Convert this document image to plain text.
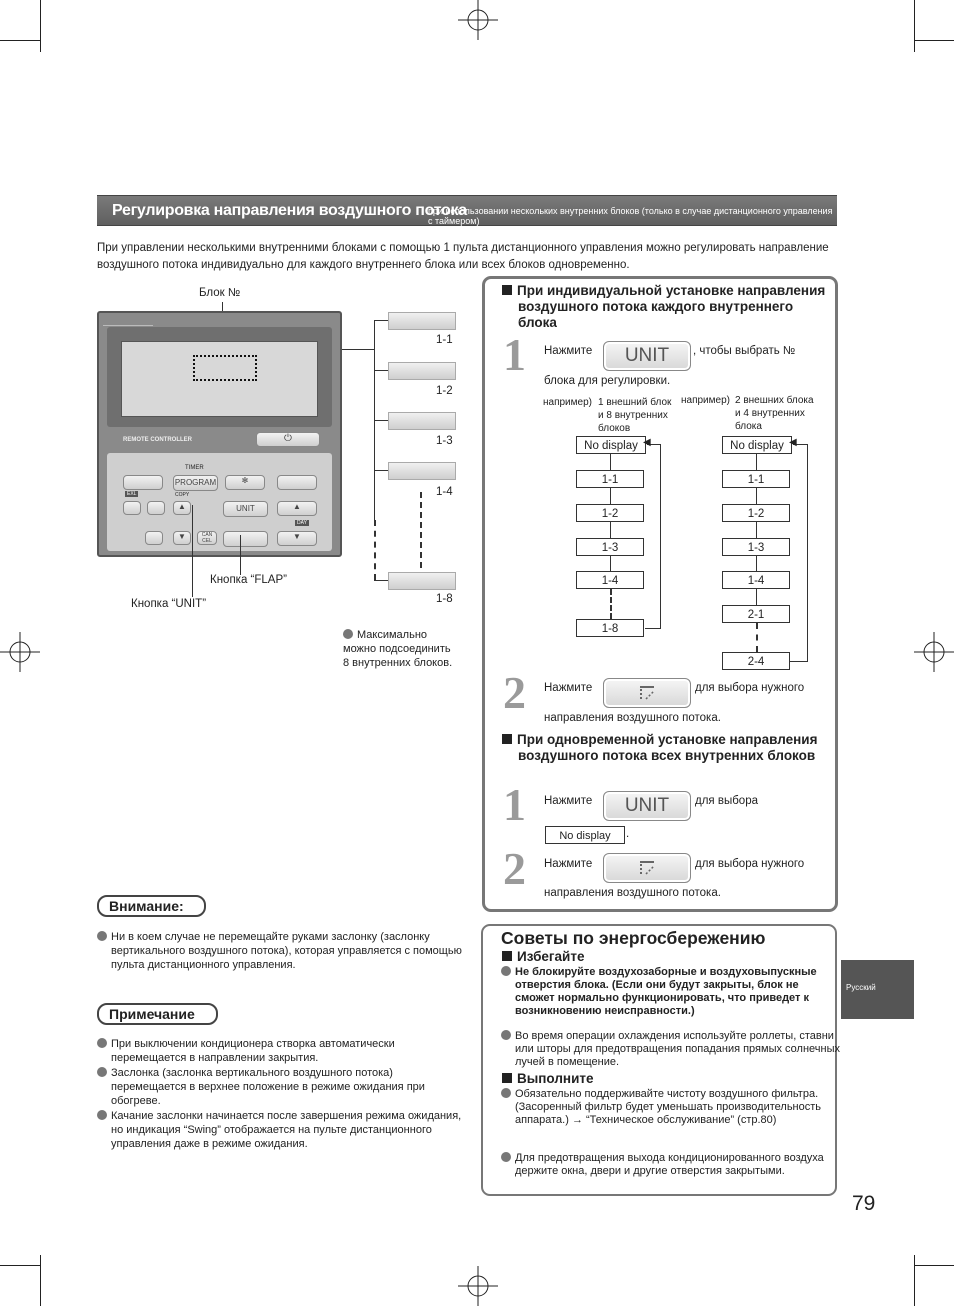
Регулировка направления воздушного потока
при использовании нескольких внутренних блоков (только в случае дистанционного управления с таймером)
При управлении несколькими внутренними блоками с помощью 1 пульта дистанционного управления можно регулировать направление воздушного потока индивидуально для каждого внутреннего блока или всех блоков одновременно.
Блок №
REMOTE CONTROLLER	⏻
TIMER
PROGRAM
COPY
EXL
✻
▲	UNIT	▲
▼	CAN CEL	▼
DAY
1-1
1-2
1-3
1-4
1-8
Кнопка “FLAP”
Кнопка “UNIT”
Максимально можно подсоединить 8 внутренних блоков.
Внимание:
Ни в коем случае не перемещайте руками заслонку (заслонку вертикального воздушного потока), которая управляется с помощью пульта дистанционного управления.
Примечание
При выключении кондиционера створка автоматически перемещается в направлении закрытия.
Заслонка (заслонка вертикального воздушного потока) перемещается в верхнее положение в режиме ожидания при обогреве.
Качание заслонки начинается после завершения режима ожидания, но индикация “Swing” отображается на пульте дистанционного управления даже в режиме ожидания.
При индивидуальной установке направления воздушного потока каждого внутреннего блока
1 Нажмите	UNIT	, чтобы выбрать №
блока для регулировки.
например) 1 внешний блок и 8 внутренних блоков
например) 2 внешних блока и 4 внутренних блока
No display
1-1
1-2
1-3
1-4
1-8
◀	No display
1-1
1-2
1-3
1-4
2-1
2-4
◀
2 Нажмите	для выбора нужного
направления воздушного потока.
При одновременной установке направления воздушного потока всех внутренних блоков
1 Нажмите	UNIT	для выбора
No display	.
2 Нажмите	для выбора нужного
направления воздушного потока.
Советы по энергосбережению
Избегайте
Не блокируйте воздухозаборные и воздуховыпускные отверстия блока. (Если они будут закрыты, блок не сможет нормально функционировать, что приведет к возникновению неисправности.)
Во время операции охлаждения используйте роллеты, ставни или шторы для предотвращения попадания прямых солнечных лучей в помещение.
Выполните
Обязательно поддерживайте чистоту воздушного фильтра. (Засоренный фильтр будет уменьшать производительность аппарата.) → “Техническое обслуживание” (стр.80)
Для предотвращения выхода кондиционированного воздуха держите окна, двери и другие отверстия закрытыми.
Русский
79
